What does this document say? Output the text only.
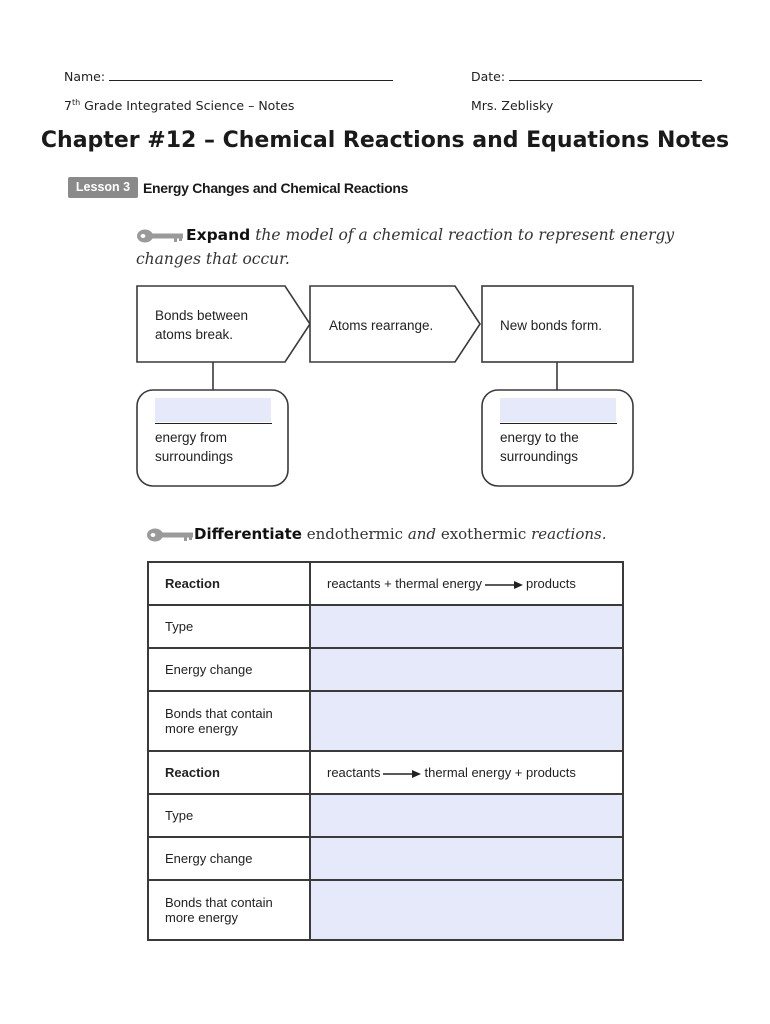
Name:	Date:
7th Grade Integrated Science – Notes	Mrs. Zeblisky
Chapter #12 – Chemical Reactions and Equations Notes
Lesson 3 Energy Changes and Chemical Reactions
Expand the model of a chemical reaction to represent energy
changes that occur.
Bonds between
atoms break.
Atoms rearrange.	New bonds form.
energy from
surroundings
energy to the
surroundings
Differentiate endothermic and exothermic reactions.
Reaction	reactants + thermal energy products
Type	
Energy change	

Bonds that contain
more energy	

Reaction	reactants thermal energy + products
Type	
Energy change	

Bonds that contain
more energy	
